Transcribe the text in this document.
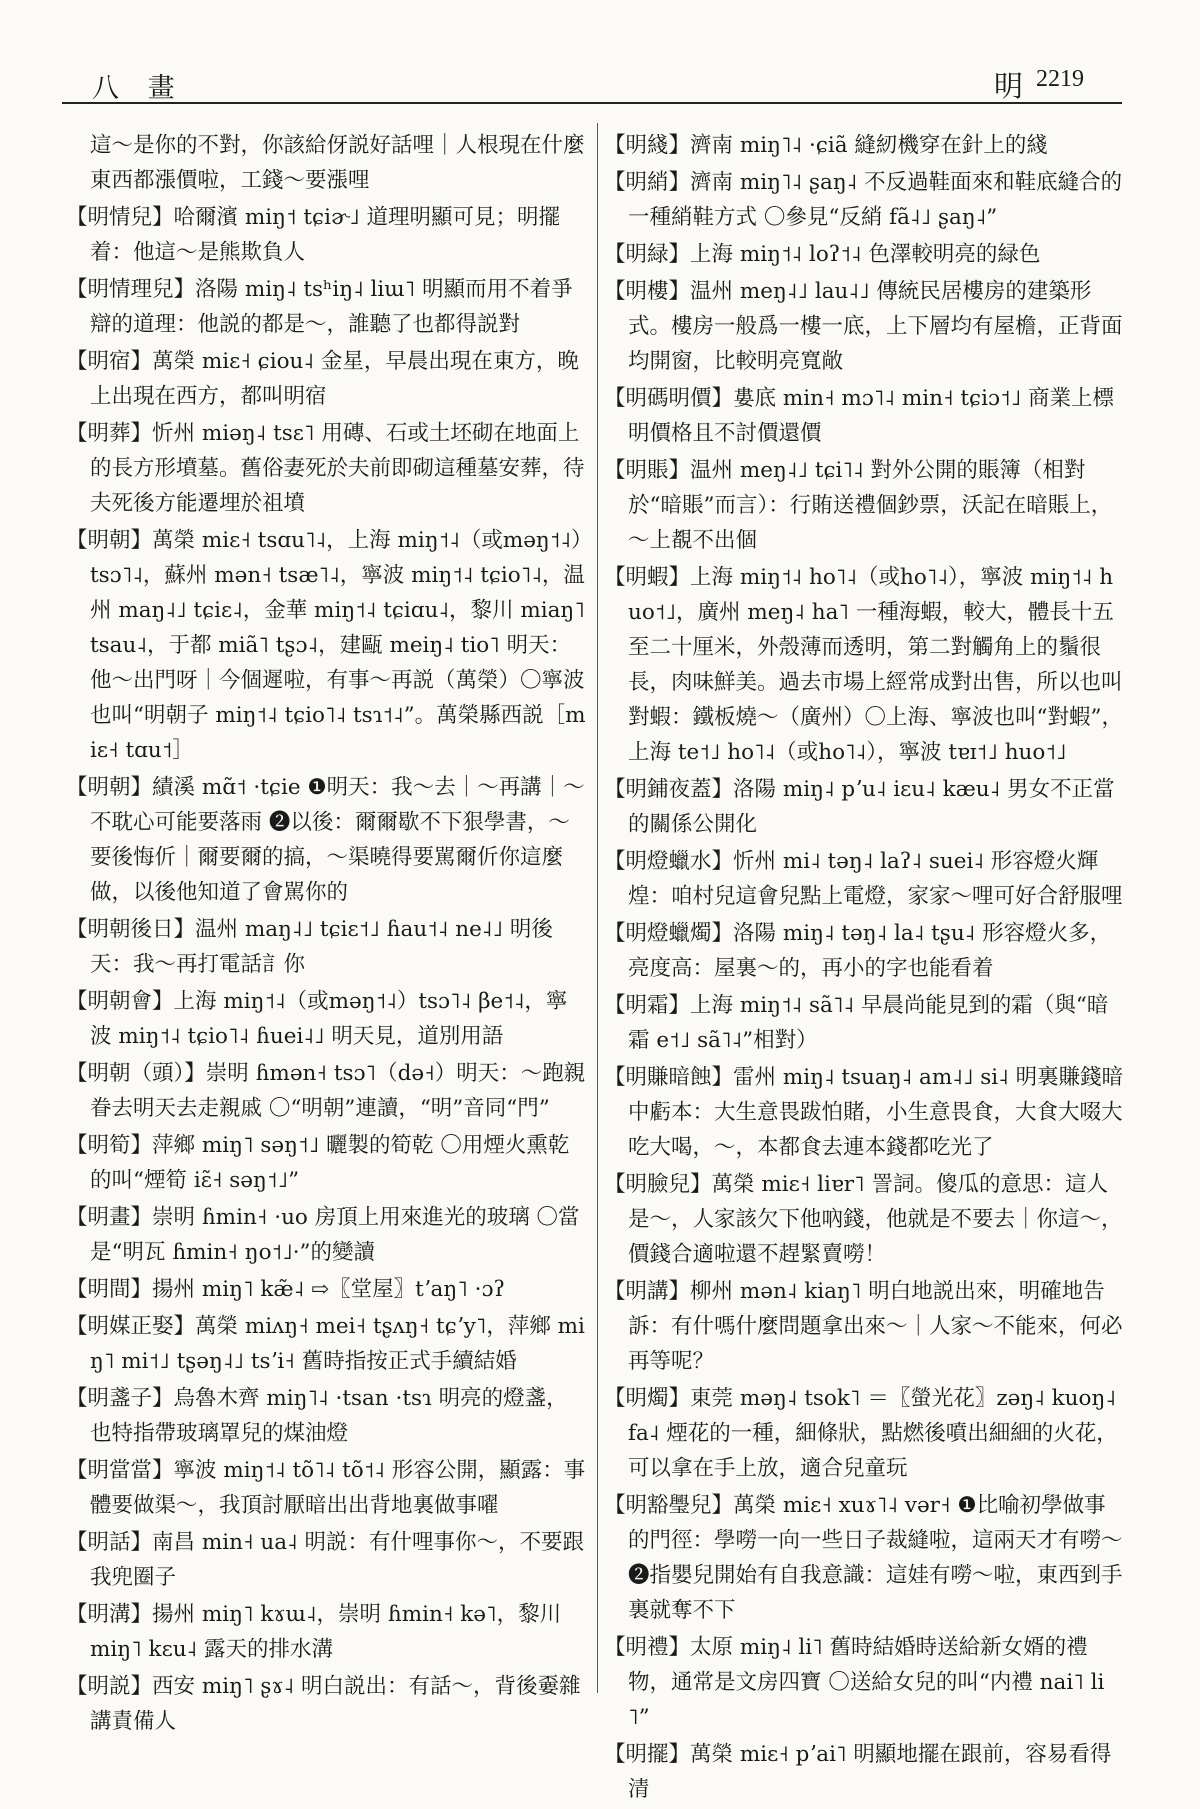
八 畫	明 2219

這～是你的不對，你該給伢説好話哩｜人根現在什麼東西都漲價啦，工錢～要漲哩

【明情兒】哈爾濱 miŋ˦ tɕiɚ˩ 道理明顯可見；明擺着：他這～是熊欺負人

【明情理兒】洛陽 miŋ˨ tsʰiŋ˨ liɯ˥ 明顯而用不着爭辯的道理：他説的都是～，誰聽了也都得説對

【明宿】萬榮 miɛ˧ ɕiou˨ 金星，早晨出現在東方，晚上出現在西方，都叫明宿

【明葬】忻州 miəŋ˨ tsɛ˥ 用磚、石或土坯砌在地面上的長方形墳墓。舊俗妻死於夫前即砌這種墓安葬，待夫死後方能遷埋於祖墳

【明朝】萬榮 miɛ˧ tsɑu˥˨，上海 miŋ˦˨（或məŋ˦˨）tsɔ˥˨，蘇州 mən˧ tsæ˥˨，寧波 miŋ˦˨ tɕio˥˨，温州 maŋ˨˩ tɕiɛ˨，金華 miŋ˦˨ tɕiɑu˨，黎川 miaŋ˥ tsau˨，于都 miã˥ tʂɔ˨，建甌 meiŋ˨ tio˥ 明天：他～出門呀｜今個遲啦，有事～再説（萬榮）〇寧波也叫“明朝子 miŋ˦˨ tɕio˥˨ tsɿ˦˨”。萬榮縣西説［miɛ˧ tɑu˦］

【明朝】績溪 mɑ̃˦ ·tɕie ❶明天：我～去｜～再講｜～不耽心可能要落雨 ❷以後：爾爾歇不下狠學書，～要後悔伒｜爾要爾的搞，～渠曉得要駡爾伒你這麼做，以後他知道了會駡你的

【明朝後日】温州 maŋ˨˩ tɕiɛ˦˩ ɦau˦˨ ne˨˩ 明後天：我～再打電話訁你

【明朝會】上海 miŋ˦˨（或məŋ˦˨）tsɔ˥˨ βe˦˨，寧波 miŋ˦˨ tɕio˥˨ ɦuei˨˩ 明天見，道別用語

【明朝（頭）】崇明 ɦmən˧ tsɔ˥（də˧）明天：～跑親眷去明天去走親戚 〇“明朝”連讀，“明”音同“門”

【明筍】萍鄉 miŋ˥ səŋ˦˩ 曬製的筍乾 〇用煙火熏乾的叫“煙筍 iɛ̃˧ səŋ˦˩”

【明畫】崇明 ɦmin˧ ·uo 房頂上用來進光的玻璃 〇當是“明瓦 ɦmin˧ ŋo˦˩·”的變讀

【明間】揚州 miŋ˥ kæ̃˨ ⇨〖堂屋〗tʼaŋ˥ ·ɔʔ

【明媒正娶】萬榮 miʌŋ˧ mei˧ tʂʌŋ˧ tɕʼy˥，萍鄉 miŋ˥ mi˦˩ tʂəŋ˨˩ tsʼi˧ 舊時指按正式手續結婚

【明盞子】烏魯木齊 miŋ˥˨ ·tsan ·tsɿ 明亮的燈盞，也特指帶玻璃罩兒的煤油燈

【明當當】寧波 miŋ˦˨ tõ˥˨ tõ˦˨ 形容公開，顯露：事體要做渠～，我頂討厭暗出出背地裏做事嚁

【明話】南昌 min˧ ua˨ 明説：有什哩事你～，不要跟我兜圈子

【明溝】揚州 miŋ˥ kɤɯ˨，崇明 ɦmin˧ kə˥，黎川 miŋ˥ kɛu˨ 露天的排水溝

【明説】西安 miŋ˥ ʂɤ˨ 明白説出：有話～，背後嫑雜講責備人

【明綫】濟南 miŋ˥˨ ·ɕiã 縫紉機穿在針上的綫

【明綃】濟南 miŋ˥˨ ʂaŋ˨ 不反過鞋面來和鞋底縫合的一種綃鞋方式 〇參見“反綃 fã˨˩ ʂaŋ˨”

【明緑】上海 miŋ˦˨ loʔ˦˨ 色澤較明亮的緑色

【明樓】温州 meŋ˨˩ lau˨˩ 傳統民居樓房的建築形式。樓房一般爲一樓一底，上下層均有屋檐，正背面均開窗，比較明亮寬敞

【明碼明價】婁底 min˧ mɔ˥˨ min˧ tɕiɔ˦˩ 商業上標明價格且不討價還價

【明賬】温州 meŋ˨˩ tɕi˥˨ 對外公開的賬簿（相對於“暗賬”而言）：行賄送禮個鈔票，沃記在暗賬上，～上覩不出個

【明蝦】上海 miŋ˦˨ ho˥˨（或ho˥˨），寧波 miŋ˦˨ huo˦˩，廣州 meŋ˨ ha˥ 一種海蝦，較大，體長十五至二十厘米，外殼薄而透明，第二對觸角上的鬚很長，肉味鮮美。過去市場上經常成對出售，所以也叫對蝦：鐵板燒～（廣州）〇上海、寧波也叫“對蝦”，上海 te˦˩ ho˥˨（或ho˥˨），寧波 tɐɪ˦˩ huo˦˩

【明鋪夜蓋】洛陽 miŋ˨ pʼu˨ iɛu˨ kæu˨ 男女不正當的關係公開化

【明燈蠟水】忻州 mi˨ təŋ˨ laʔ˨ suei˨ 形容燈火輝煌：咱村兒這會兒點上電燈，家家～哩可好合舒服哩

【明燈蠟燭】洛陽 miŋ˨ təŋ˨ la˨ tʂu˨ 形容燈火多，亮度高：屋裏～的，再小的字也能看着

【明霜】上海 miŋ˦˨ sã˥˨ 早晨尚能見到的霜（與“暗霜 e˦˩ sã˥˨”相對）

【明賺暗蝕】雷州 miŋ˨ tsuaŋ˨ am˨˩ si˨ 明裏賺錢暗中虧本：大生意畏跋怕賭，小生意畏食，大食大啜大吃大喝，～，本都食去連本錢都吃光了

【明臉兒】萬榮 miɛ˧ liɐr˥ 詈詞。傻瓜的意思：這人是～，人家該欠下他吶錢，他就是不要去｜你這～，價錢合適啦還不趕緊賣嘮！

【明講】柳州 mən˨ kiaŋ˥ 明白地説出來，明確地告訴：有什嗎什麼問題拿出來～｜人家～不能來，何必再等呢？

【明燭】東莞 məŋ˨ tsok˥ ＝〖螢光花〗zəŋ˨ kuoŋ˨ fa˨ 煙花的一種，細條狀，點燃後噴出細細的火花，可以拿在手上放，適合兒童玩

【明豁璺兒】萬榮 miɛ˧ xuɤ˥˨ vər˧ ❶比喻初學做事的門徑：學嘮一向一些日子裁縫啦，這兩天才有嘮～ ❷指嬰兒開始有自我意識：這娃有嘮～啦，東西到手裏就奪不下

【明禮】太原 miŋ˨ li˥ 舊時結婚時送給新女婿的禮物，通常是文房四寶 〇送給女兒的叫“内禮 nai˥ li˥”

【明擺】萬榮 miɛ˧ pʼai˥ 明顯地擺在跟前，容易看得清
